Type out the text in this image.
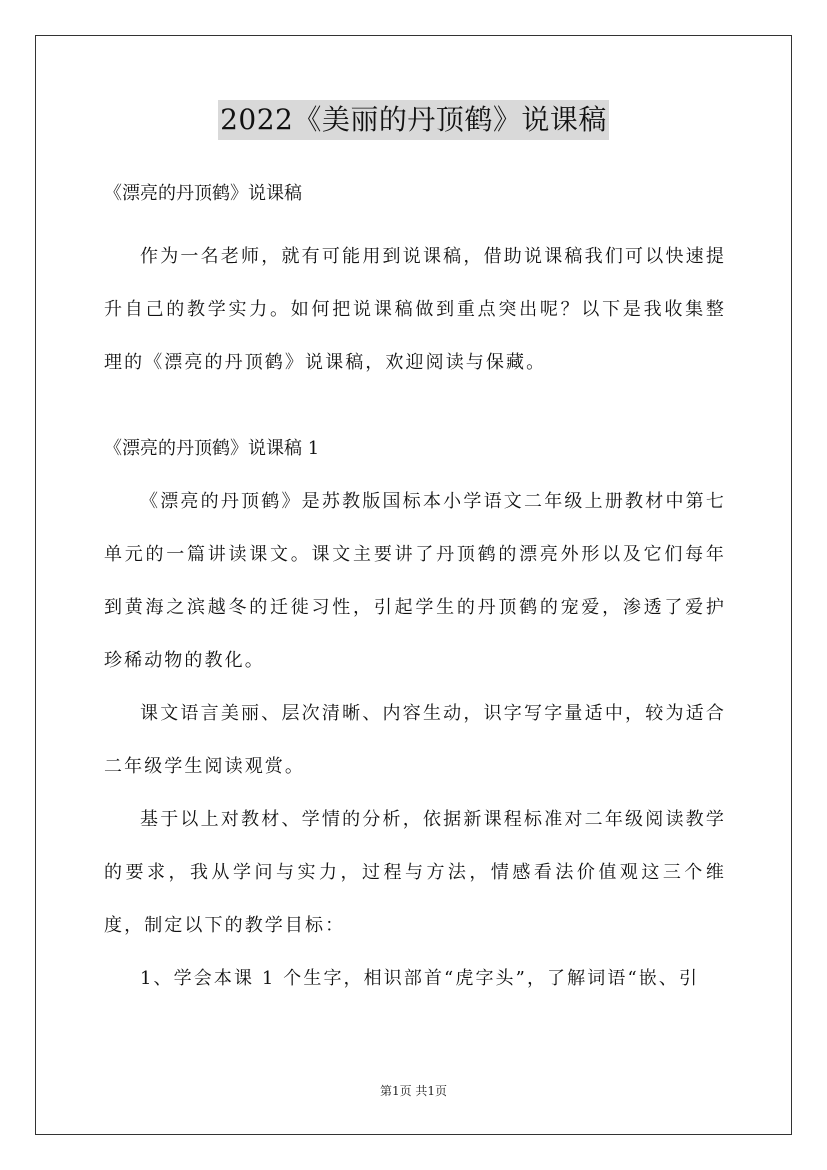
2022《美丽的丹顶鹤》说课稿

《漂亮的丹顶鹤》说课稿

作为一名老师，就有可能用到说课稿，借助说课稿我们可以快速提升自己的教学实力。如何把说课稿做到重点突出呢？以下是我收集整理的《漂亮的丹顶鹤》说课稿，欢迎阅读与保藏。

《漂亮的丹顶鹤》说课稿 1

《漂亮的丹顶鹤》是苏教版国标本小学语文二年级上册教材中第七单元的一篇讲读课文。课文主要讲了丹顶鹤的漂亮外形以及它们每年到黄海之滨越冬的迁徙习性，引起学生的丹顶鹤的宠爱，渗透了爱护珍稀动物的教化。

课文语言美丽、层次清晰、内容生动，识字写字量适中，较为适合二年级学生阅读观赏。

基于以上对教材、学情的分析，依据新课程标准对二年级阅读教学的要求，我从学问与实力，过程与方法，情感看法价值观这三个维度，制定以下的教学目标：

1、学会本课 1 个生字，相识部首“虎字头”，了解词语“嵌、引

第1页 共1页
